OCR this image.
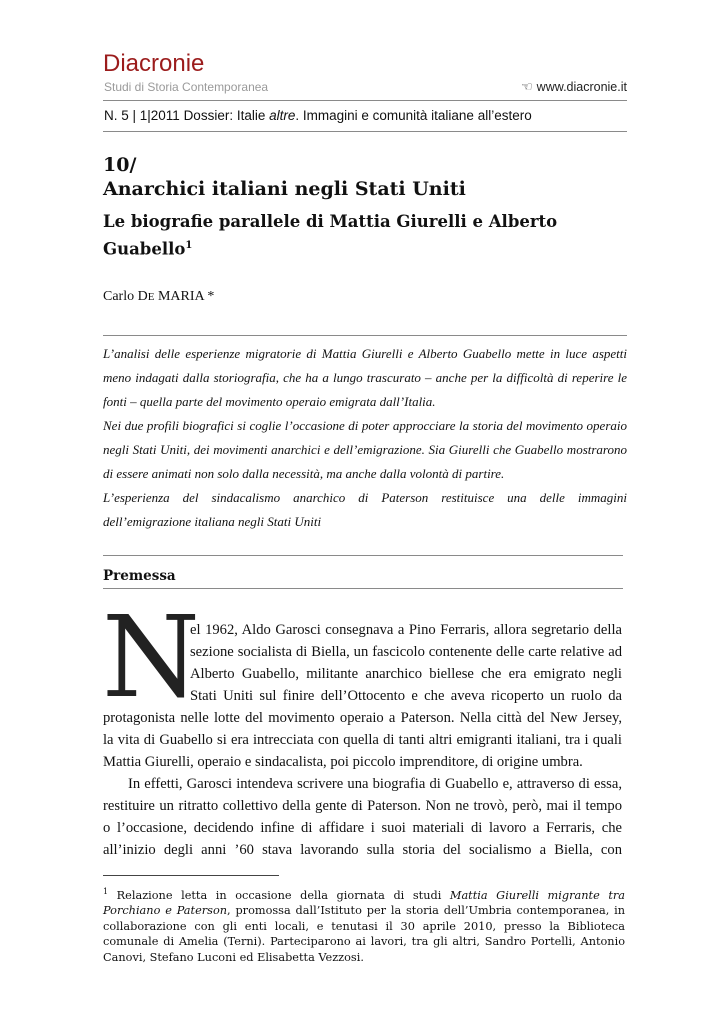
Diacronie
Studi di Storia Contemporanea	☜ www.diacronie.it
N. 5 | 1|2011 Dossier: Italie altre. Immagini e comunità italiane all’estero
10/
Anarchici italiani negli Stati Uniti
Le biografie parallele di Mattia Giurelli e Alberto Guabello$^1$
Carlo DE MARIA *

L’analisi delle esperienze migratorie di Mattia Giurelli e Alberto Guabello mette in luce aspetti meno indagati dalla storiografia, che ha a lungo trascurato – anche per la difficoltà di reperire le fonti – quella parte del movimento operaio emigrata dall’Italia.

Nei due profili biografici si coglie l’occasione di poter approcciare la storia del movimento operaio negli Stati Uniti, dei movimenti anarchici e dell’emigrazione. Sia Giurelli che Guabello mostrarono di essere animati non solo dalla necessità, ma anche dalla volontà di partire.

L’esperienza del sindacalismo anarchico di Paterson restituisce una delle immagini dell’emigrazione italiana negli Stati Uniti

Premessa
N
el 1962, Aldo Garosci consegnava a Pino Ferraris, allora segretario della
sezione socialista di Biella, un fascicolo contenente delle carte relative ad
Alberto Guabello, militante anarchico biellese che era emigrato negli
Stati Uniti sul finire dell’Ottocento e che aveva ricoperto un ruolo da
protagonista nelle lotte del movimento operaio a Paterson. Nella città del New Jersey,
la vita di Guabello si era intrecciata con quella di tanti altri emigranti italiani, tra i quali
Mattia Giurelli, operaio e sindacalista, poi piccolo imprenditore, di origine umbra.
In effetti, Garosci intendeva scrivere una biografia di Guabello e, attraverso di essa,
restituire un ritratto collettivo della gente di Paterson. Non ne trovò, però, mai il tempo
o l’occasione, decidendo infine di affidare i suoi materiali di lavoro a Ferraris, che
all’inizio degli anni ’60 stava lavorando sulla storia del socialismo a Biella, con
$^1$ Relazione letta in occasione della giornata di studi Mattia Giurelli migrante tra Porchiano e Paterson, promossa dall’Istituto per la storia dell’Umbria contemporanea, in collaborazione con gli enti locali, e tenutasi il 30 aprile 2010, presso la Biblioteca comunale di Amelia (Terni). Parteciparono ai lavori, tra gli altri, Sandro Portelli, Antonio Canovi, Stefano Luconi ed Elisabetta Vezzosi.
